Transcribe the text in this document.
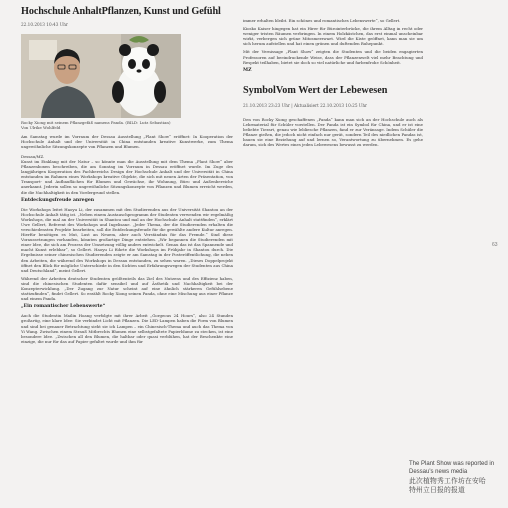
Hochschule AnhaltPflanzen, Kunst und Gefühl
22.10.2013 10:43 Uhr
Rocky Xiong mit seinem Pflanzgefäß namens Panda. (BILD: Lutz Sebastian)
Von Ulrike Wohlfeld
Am Samstag wurde im Vorraum der Dessau Ausstellung „Plant Show“ eröffnet: In Kooperation der Hochschule Anhalt und der Universität in China entstanden kreative Kunstwerke, zum Thema ungewöhnliche Sitzungskonzepte von Pflanzen und Blumen.
Dessau/MZ.
Kunst im Einklang mit der Natur – so könnte man die Ausstellung mit dem Thema „Plant Show“ aber Pflanzenboxen beschreiben, die am Sonntag im Vorraum in Dessau eröffnet wurde. Im Zuge des langjährigen Kooperation des Fachbereichs Design der Hochschule Anhalt und der Universität in China entstanden im Rahmen eines Workshops kreative Objekte, die sich mit neuen Arten der Präsentation, von Transport- und Aufbauflächen für Blumen und Gewächse, ihr Wohnung, Büro und Außenbereiche anerkannt. Jederin sollen so ungewöhnliche Sitzungskonzepte von Pflanzen und Blumen erreicht werden, die die Nachhaltigkeit in den Vordergrund stellen.
Entdeckungsfreude anregen
Die Workshops leitet Haoyu Li, der zusammen mit den Studierenden aus der Universität Shantou an der Hochschule Anhalt tätig ist. „Neben einem Austauschprogramm der Studenten verwenden wir regelmäßig Workshops, die mal an der Universität in Shantou und mal an der Hochschule Anhalt stattfinden“, erklärt Uwe Gellert, Referent des Workshops und Ingelisane. „Jeder Thema, der die Studierenden erhalten die verschiedensten Projekte bearbeiten, soll die Entdeckungsfreude für die gewählte andere Kultur anregen. Hierfür benötigen es Mut, Lust an Neuem, aber auch Verständnis für das Fremde.“ Sind diese Voraussetzungen vorhanden, könnten großartige Dinge entstehen. „Wir begannen die Studierenden mit einer Idee, die sich am Prozess der Umsetzung völlig anders entwickelt. Genau das ist das Spannende und macht Kunst erlebbar“, so Gellert. Haoyu Li führte die Workshops im Frühjahr in Shantou durch. Die Ergebnisse seiner chinesischen Studierenden zeigte er am Samstag in der Posteröffentlichung, die neben den Arbeiten, die während des Workshops in Dessau entstanden, zu sehen waren. „Dieses Doppelprojekt öffnet den Blick für mögliche Unterschiede in den Sichten und Erfahrungswegen der Studenten aus China und Deutschland“, meint Gellert.
Während der Arbeiten deutscher Studenten größtenteils das Ziel des Nutzens und des Effizienz haben, sind die chinesischen Studenten dafür sensibel und auf Ästhetik und Nachhaltigkeit bei der Konzepterwicklung. „Der Zugang zur Natur scheint auf eine ähnlich stärkeren Gefühlsebene stattzufinden“, findet Gellert. So erzählt Rocky Xiong seinen Panda, ohne eine Mischung aus einer Pflanze und einem Panda.
„Ein romantischer Lebenswerte“
Auch die Studentin Mailin Hoang verfolgte mit ihrer Arbeit „Gorgeous 24 Hours“, also 24 Stunden großartig, eine klare Idee: Sie verbindet Licht mit Pflanzen. Die LED-Lampen haben die Form von Blumen und sind bei genauer Betrachtung sieht sie ich Lampen – ein Chinesisch-Thema und auch das Thema von Yi Wang. Zwischen einem Strauß Mitbrechts Blumen eine selbstgefaltete Papierblume zu stecken, ist eine besondere Idee. „Zwischen all den Blumen, die haltbar oder quasi verblühen, hat der Beschenkte eine einzige, die nur für das auf Papier gefaltet wurde und ihm für
immer erhalten bleibt. Ein schönes und romantisches Lebenswerte“, so Gellert.
Kiosko Kaiser hingegen hat ein Hirer für Bürointerbrücke, die ihrem Alltag in recht oder weniger tristen Räumen verbringen. In einem Holzkästchen, das erst einmal unscheinbar wirkt, verbergen sich grüne Mitosmerzwaet. Wird die Kiste geöffnet, kann man sie um sich herum aufstellen und hat einen grünen und duftenden Ruhepunkt.
Mit der Vernissage „Plant Show“ zeigten die Studenten und die beiden engagierten Professoren auf beeindruckende Weise, dass der Pflanzenwelt viel mehr Beachtung und Respekt teilhaben, bietet sie doch so viel natürliche und farbenfrohe Schönheit.
MZ
SymbolVom Wert der Lebewesen
21.10.2013 23:23 Uhr | Aktualisiert 22.10.2013 10:25 Uhr
Den von Rocky Xiong geschaffenen „Panda“ kann man sich an der Hochschule auch als Lehrmaterial für Schüler vorstellen. Der Panda ist ein Symbol für China, und er ist eine beliebte Tierart, genau wie lebliesche Pflanzen, fand er zur Veränsage. Indem Schüler die Pflanze gießen, die jedoch nicht einfach nur gerät, sondern Teil des niedlichen Pandas ist, bauen sie eine Beziehung auf und lernen so, Verantwortung zu übernehmen. Es gehe darum, sich des Wertes eines jeden Lebewesens bewusst zu werden.
63
The Plant Show was reported in
Dessau's news media
此次植物秀工作坊在安哈
特州立日报的报道
